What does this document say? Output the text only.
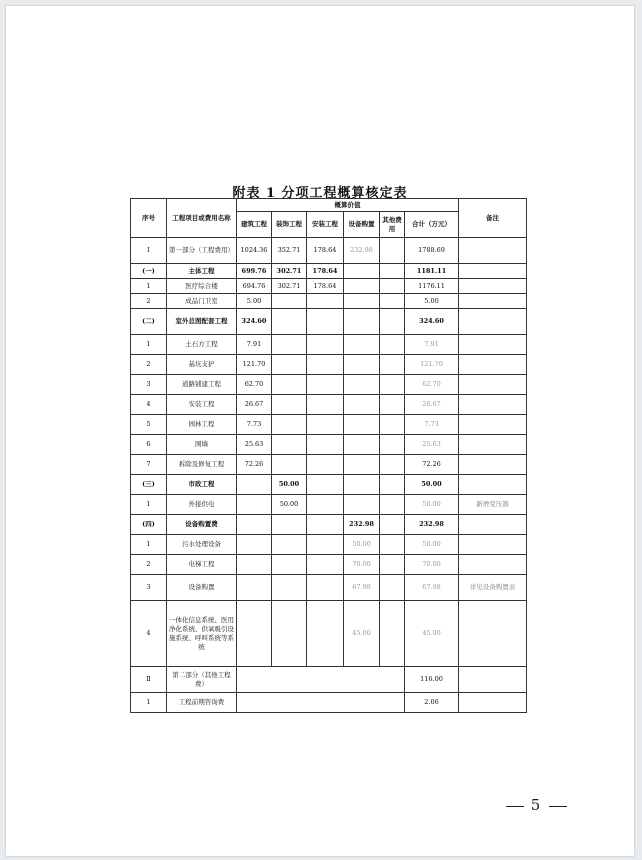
附表 1 分项工程概算核定表
序号	工程项目或费用名称	概算价值						备注
		建筑工程	装饰工程	安装工程	设备购置	其他费用	合计（万元）	
Ⅰ	第一部分（工程费用）	1024.36	352.71	178.64	232.98		1788.69	
(一)	主体工程	699.76	302.71	178.64			1181.11	
1	医疗综合楼	694.76	302.71	178.64			1176.11	
2	成品门卫室	5.00					5.00	
(二)	室外总图配套工程	324.60					324.60	
1	土石方工程	7.91					7.91	
2	基坑支护	121.70					121.70	
3	道路铺建工程	62.70					62.70	
4	安装工程	26.67					26.67	
5	园林工程	7.73					7.73	
6	围墙	25.63					25.63	
7	拆除及修复工程	72.26					72.26	
(三)	市政工程		50.00				50.00	
1	外接供电		50.00				50.00	新增变压器
(四)	设备购置费				232.98		232.98	
1	污水处理设备				50.00		50.00	
2	电梯工程				70.00		70.00	
3	设备购置				67.98		67.98	详见设备购置表
4	一体化信息系统、医用净化系统、供氧吸引设施系统、呼叫系统等系统				45.00		45.00	
Ⅱ	第二部分（其他工程费）						116.00	
1	工程前期咨询费						2.06	
5
